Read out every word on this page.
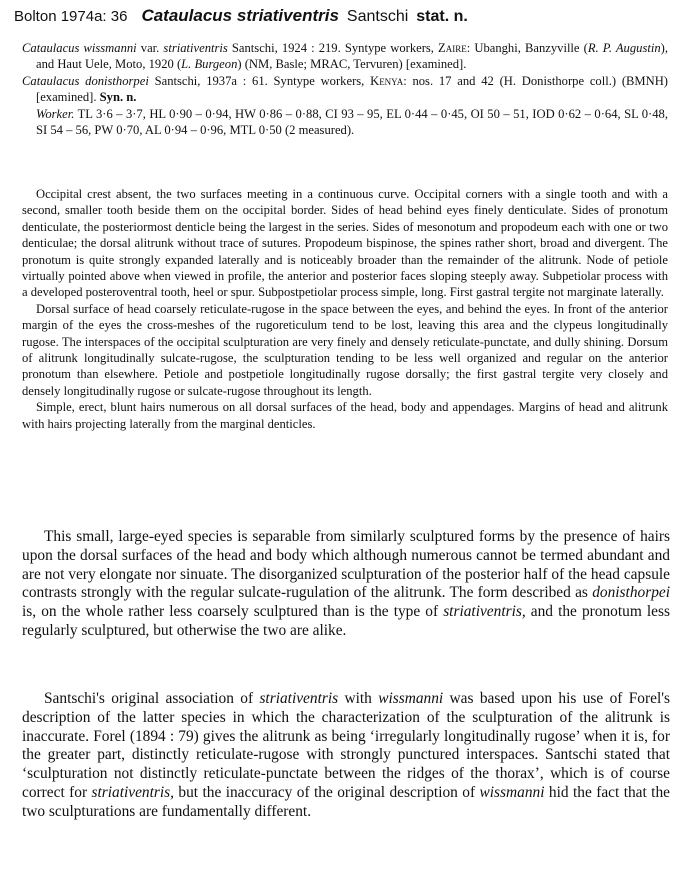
Bolton 1974a: 36 Cataulacus striativentris Santschi stat. n.

Cataulacus wissmanni var. striativentris Santschi, 1924 : 219. Syntype workers, Zaire: Ubanghi, Banzyville (R. P. Augustin), and Haut Uele, Moto, 1920 (L. Burgeon) (NM, Basle; MRAC, Tervuren) [examined].

Cataulacus donisthorpei Santschi, 1937a : 61. Syntype workers, Kenya: nos. 17 and 42 (H. Donisthorpe coll.) (BMNH) [examined]. Syn. n.

Worker. TL 3·6 – 3·7, HL 0·90 – 0·94, HW 0·86 – 0·88, CI 93 – 95, EL 0·44 – 0·45, OI 50 – 51, IOD 0·62 – 0·64, SL 0·48, SI 54 – 56, PW 0·70, AL 0·94 – 0·96, MTL 0·50 (2 measured).

Occipital crest absent, the two surfaces meeting in a continuous curve. Occipital corners with a single tooth and with a second, smaller tooth beside them on the occipital border. Sides of head behind eyes finely denticulate. Sides of pronotum denticulate, the posteriormost denticle being the largest in the series. Sides of mesonotum and propodeum each with one or two denticulae; the dorsal alitrunk without trace of sutures. Propodeum bispinose, the spines rather short, broad and divergent. The pronotum is quite strongly expanded laterally and is noticeably broader than the remainder of the alitrunk. Node of petiole virtually pointed above when viewed in profile, the anterior and posterior faces sloping steeply away. Subpetiolar process with a developed posteroventral tooth, heel or spur. Subpostpetiolar process simple, long. First gastral tergite not marginate laterally.

Dorsal surface of head coarsely reticulate-rugose in the space between the eyes, and behind the eyes. In front of the anterior margin of the eyes the cross-meshes of the rugoreticulum tend to be lost, leaving this area and the clypeus longitudinally rugose. The interspaces of the occipital sculpturation are very finely and densely reticulate-punctate, and dully shining. Dorsum of alitrunk longitudinally sulcate-rugose, the sculpturation tending to be less well organized and regular on the anterior pronotum than elsewhere. Petiole and postpetiole longitudinally rugose dorsally; the first gastral tergite very closely and densely longitudinally rugose or sulcate-rugose throughout its length.

Simple, erect, blunt hairs numerous on all dorsal surfaces of the head, body and appendages. Margins of head and alitrunk with hairs projecting laterally from the marginal denticles.

This small, large-eyed species is separable from similarly sculptured forms by the presence of hairs upon the dorsal surfaces of the head and body which although numerous cannot be termed abundant and are not very elongate nor sinuate. The disorganized sculpturation of the posterior half of the head capsule contrasts strongly with the regular sulcate-rugulation of the alitrunk. The form described as donisthorpei is, on the whole rather less coarsely sculptured than is the type of striativentris, and the pronotum less regularly sculptured, but otherwise the two are alike.
Santschi's original association of striativentris with wissmanni was based upon his use of Forel's description of the latter species in which the characterization of the sculpturation of the alitrunk is inaccurate. Forel (1894 : 79) gives the alitrunk as being ‘irregularly longitudinally rugose’ when it is, for the greater part, distinctly reticulate-rugose with strongly punctured interspaces. Santschi stated that ‘sculpturation not distinctly reticulate-punctate between the ridges of the thorax’, which is of course correct for striativentris, but the inaccuracy of the original description of wissmanni hid the fact that the two sculpturations are fundamentally different.
